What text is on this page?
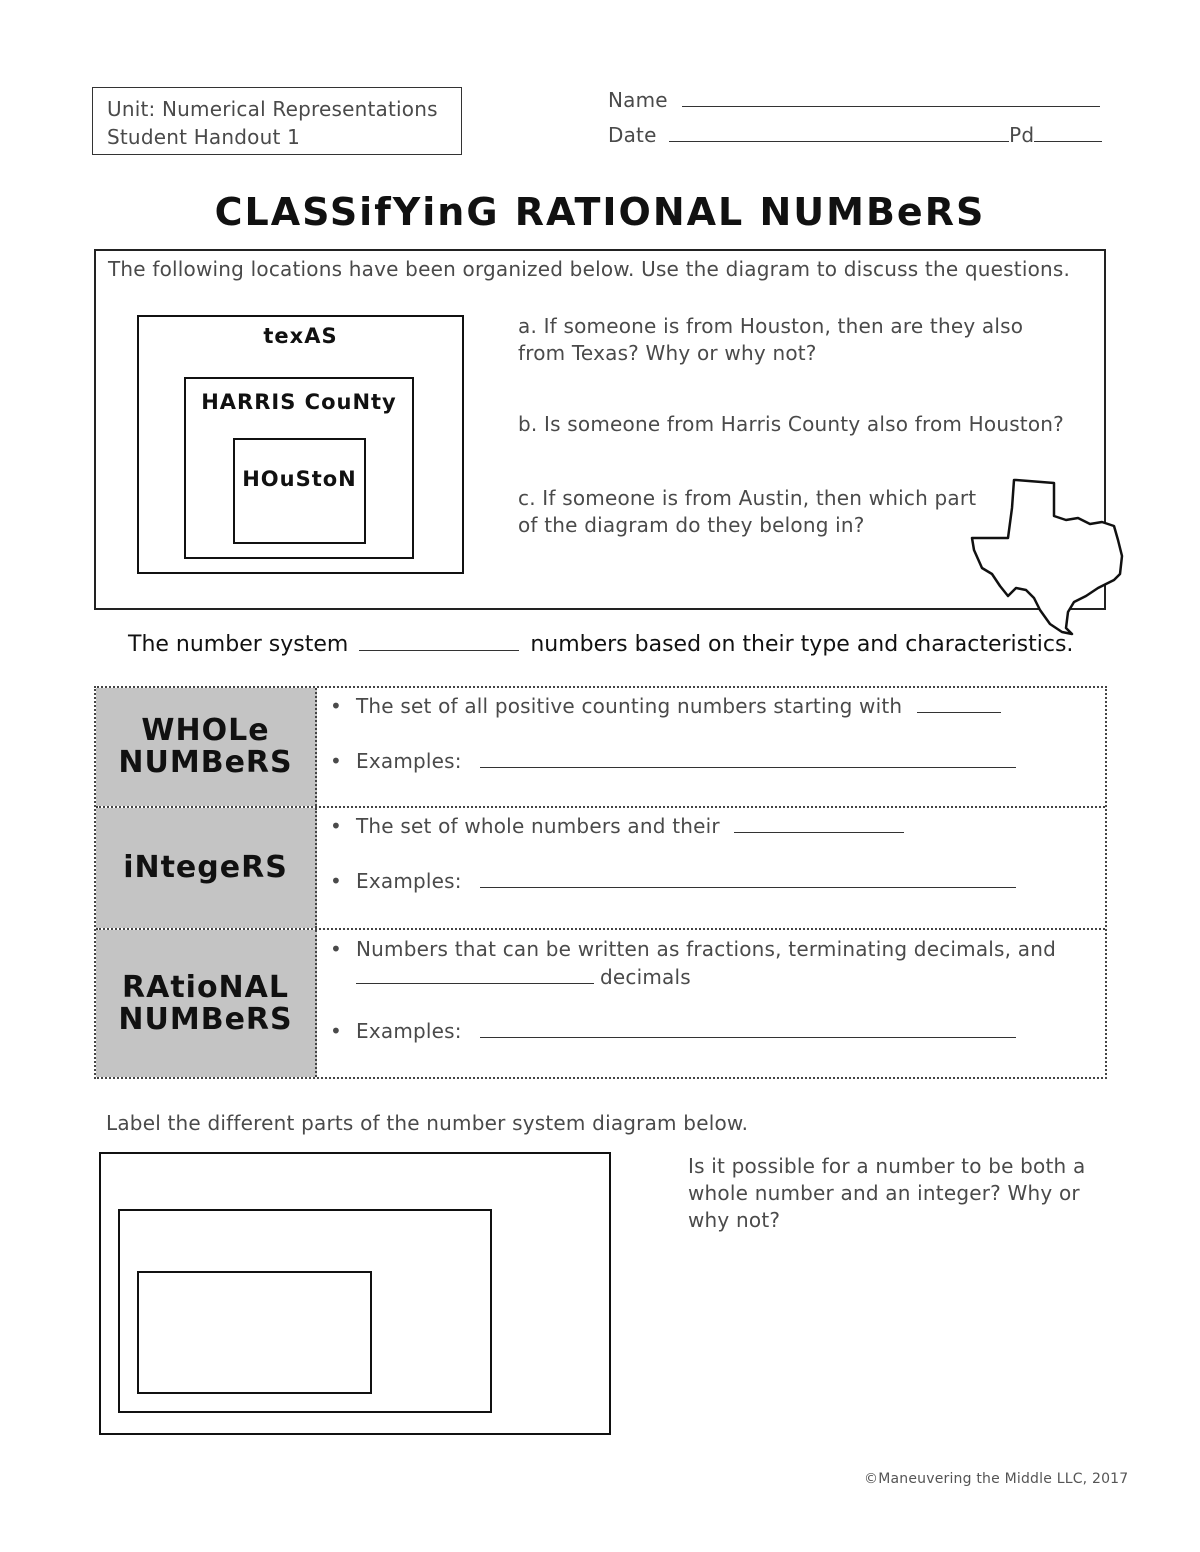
Unit: Numerical Representations
Student Handout 1
Name
Date	Pd
CLASSifYinG RATIONAL NUMBeRS
The following locations have been organized below. Use the diagram to discuss the questions.
texAS
HARRIS CouNty
HOuStoN
a. If someone is from Houston, then are they also
from Texas? Why or why not?
b. Is someone from Harris County also from Houston?
c. If someone is from Austin, then which part
of the diagram do they belong in?
The number system	numbers based on their type and characteristics.
WHOLe
NUMBeRS
iNtegeRS
RAtioNAL
NUMBeRS
• The set of all positive counting numbers starting with
• Examples:
• The set of whole numbers and their
• Examples:
• Numbers that can be written as fractions, terminating decimals, and
decimals
• Examples:
Label the different parts of the number system diagram below.
Is it possible for a number to be both a
whole number and an integer? Why or
why not?
©Maneuvering the Middle LLC, 2017
